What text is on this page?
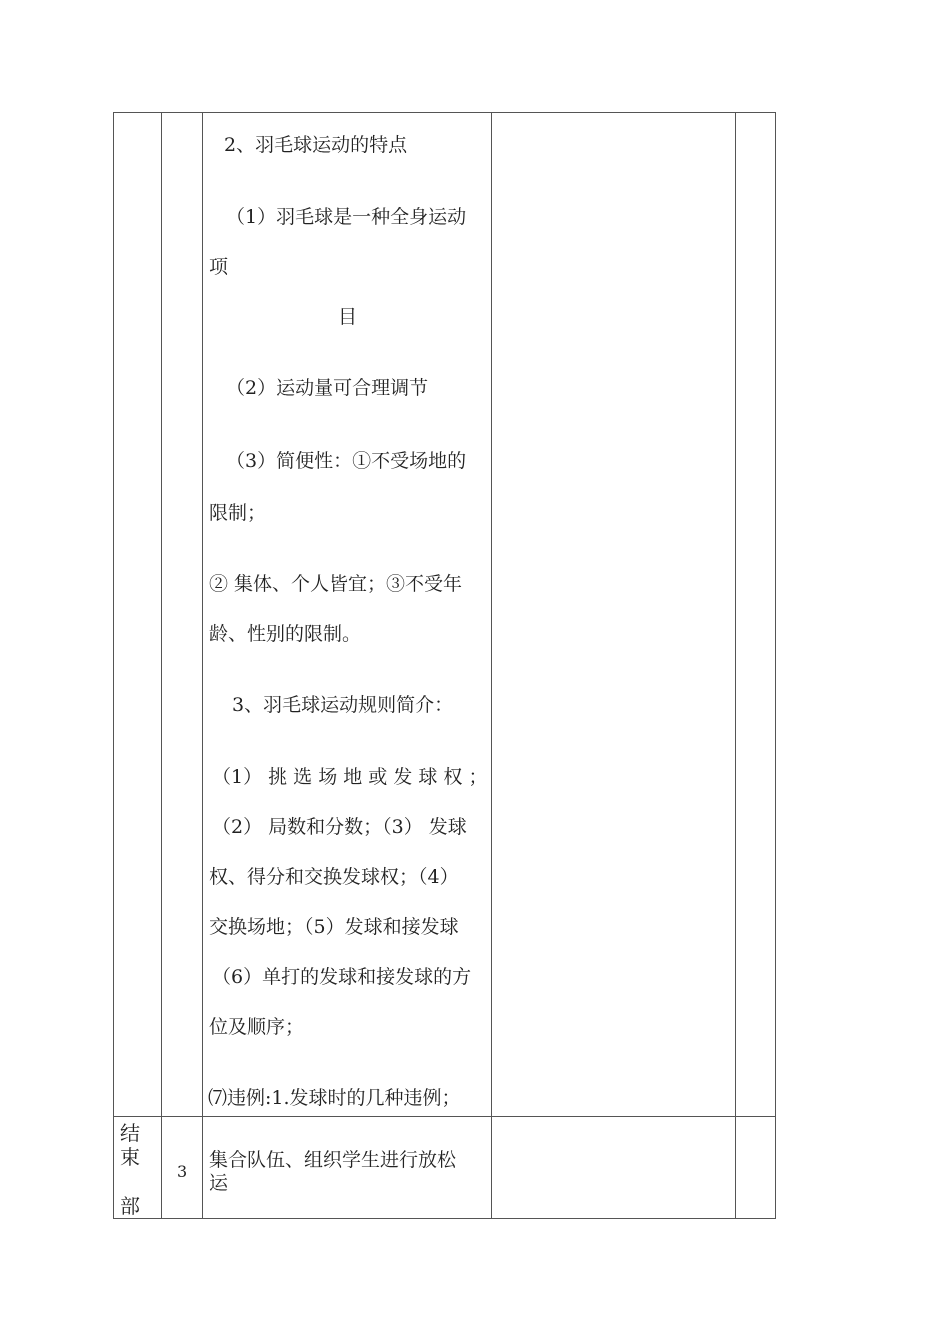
2、羽毛球运动的特点
（1）羽毛球是一种全身运动
项
目
（2）运动量可合理调节
（3）简便性：①不受场地的
限制；
② 集体、个人皆宜；③不受年
龄、性别的限制。
3、羽毛球运动规则简介：
（1） 挑 选 场 地 或 发 球 权 ；
（2） 局数和分数；（3） 发球
权、得分和交换发球权；（4）
交换场地；（5）发球和接发球
（6）单打的发球和接发球的方
位及顺序；
⑺违例:1.发球时的几种违例；
结
束
部
3
集合队伍、组织学生进行放松
运
